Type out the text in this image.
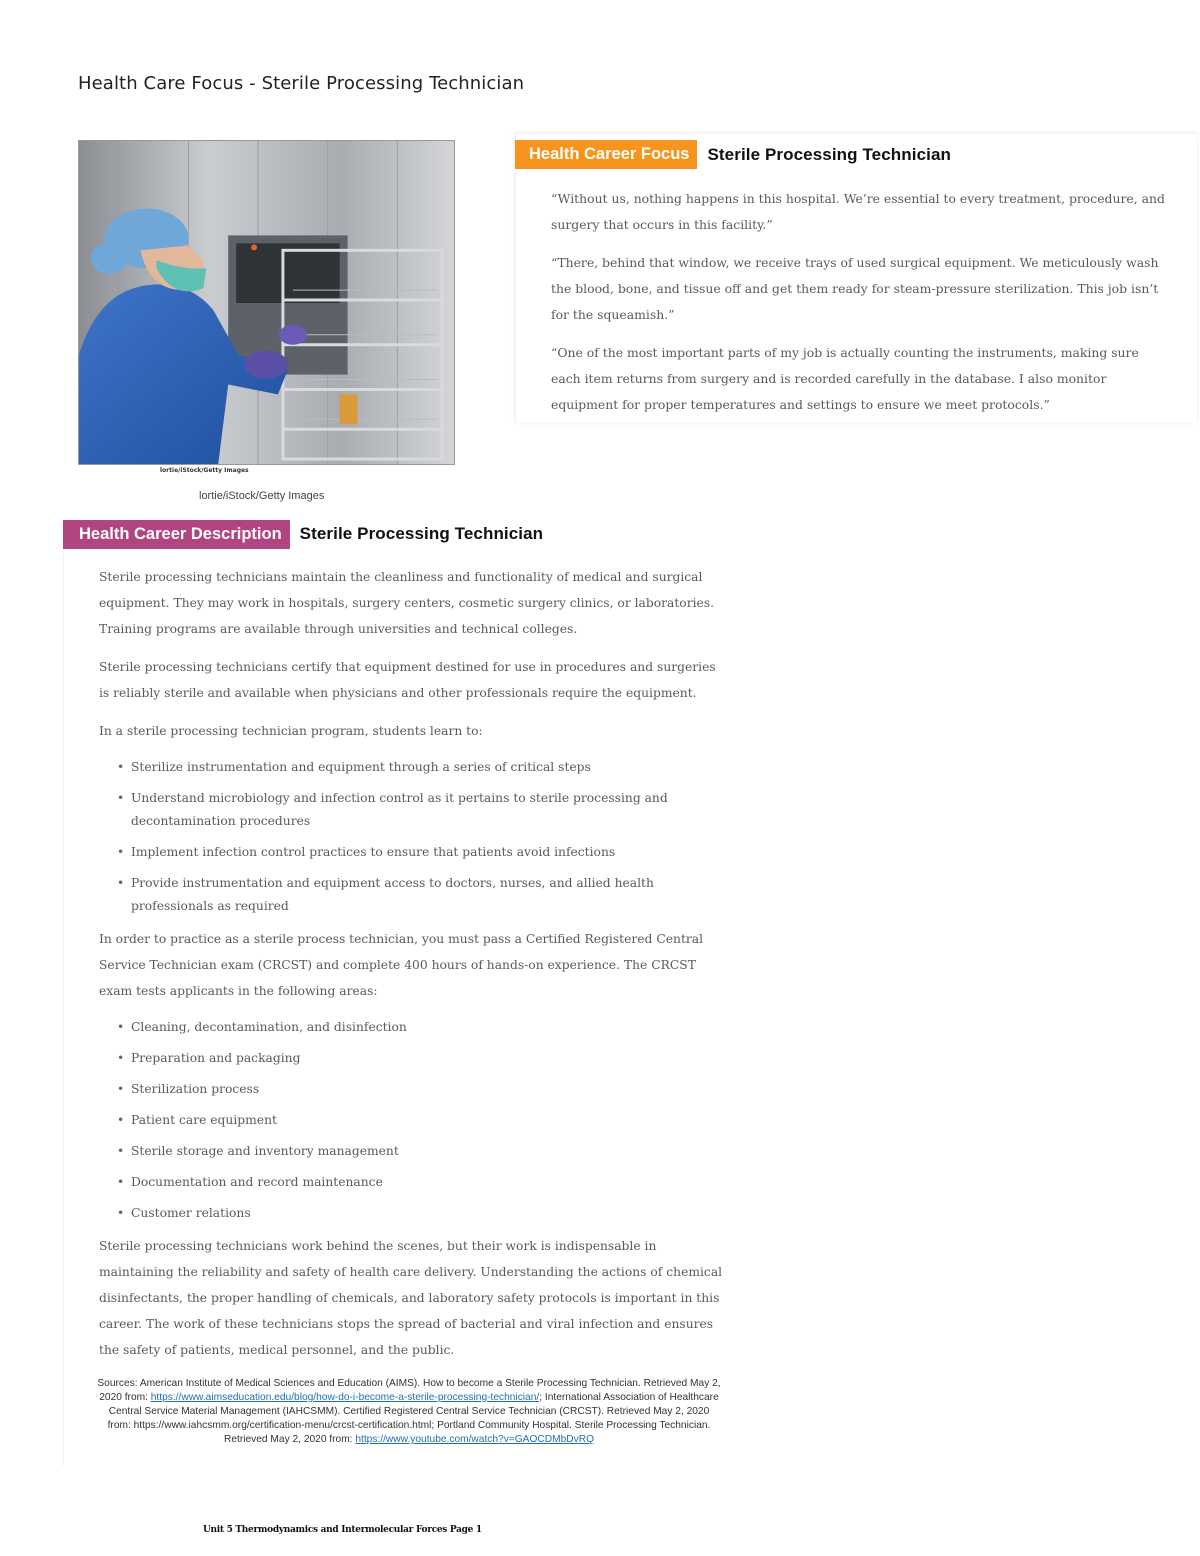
Health Care Focus - Sterile Processing Technician
lortie/iStock/Getty Images
lortie/iStock/Getty Images
Health Career Focus	Sterile Processing Technician

“Without us, nothing happens in this hospital. We’re essential to every treatment, procedure, and surgery that occurs in this facility.”

“There, behind that window, we receive trays of used surgical equipment. We meticulously wash the blood, bone, and tissue off and get them ready for steam-pressure sterilization. This job isn’t for the squeamish.”

“One of the most important parts of my job is actually counting the instruments, making sure each item returns from surgery and is recorded carefully in the database. I also monitor equipment for proper temperatures and settings to ensure we meet protocols.”

Health Career Description	Sterile Processing Technician

Sterile processing technicians maintain the cleanliness and functionality of medical and surgical equipment. They may work in hospitals, surgery centers, cosmetic surgery clinics, or laboratories. Training programs are available through universities and technical colleges.

Sterile processing technicians certify that equipment destined for use in procedures and surgeries is reliably sterile and available when physicians and other professionals require the equipment.

In a sterile processing technician program, students learn to:

• Sterilize instrumentation and equipment through a series of critical steps
• Understand microbiology and infection control as it pertains to sterile processing and decontamination procedures
• Implement infection control practices to ensure that patients avoid infections
• Provide instrumentation and equipment access to doctors, nurses, and allied health professionals as required

In order to practice as a sterile process technician, you must pass a Certified Registered Central Service Technician exam (CRCST) and complete 400 hours of hands-on experience. The CRCST exam tests applicants in the following areas:

• Cleaning, decontamination, and disinfection
• Preparation and packaging
• Sterilization process
• Patient care equipment
• Sterile storage and inventory management
• Documentation and record maintenance
• Customer relations

Sterile processing technicians work behind the scenes, but their work is indispensable in maintaining the reliability and safety of health care delivery. Understanding the actions of chemical disinfectants, the proper handling of chemicals, and laboratory safety protocols is important in this career. The work of these technicians stops the spread of bacterial and viral infection and ensures the safety of patients, medical personnel, and the public.

Sources: American Institute of Medical Sciences and Education (AIMS). How to become a Sterile Processing Technician. Retrieved May 2, 2020 from: https://www.aimseducation.edu/blog/how-do-i-become-a-sterile-processing-technician/; International Association of Healthcare Central Service Material Management (IAHCSMM). Certified Registered Central Service Technician (CRCST). Retrieved May 2, 2020 from: https://www.iahcsmm.org/certification-menu/crcst-certification.html; Portland Community Hospital. Sterile Processing Technician. Retrieved May 2, 2020 from: https://www.youtube.com/watch?v=GAOCDMbDvRQ
Unit 5 Thermodynamics and Intermolecular Forces Page 1
